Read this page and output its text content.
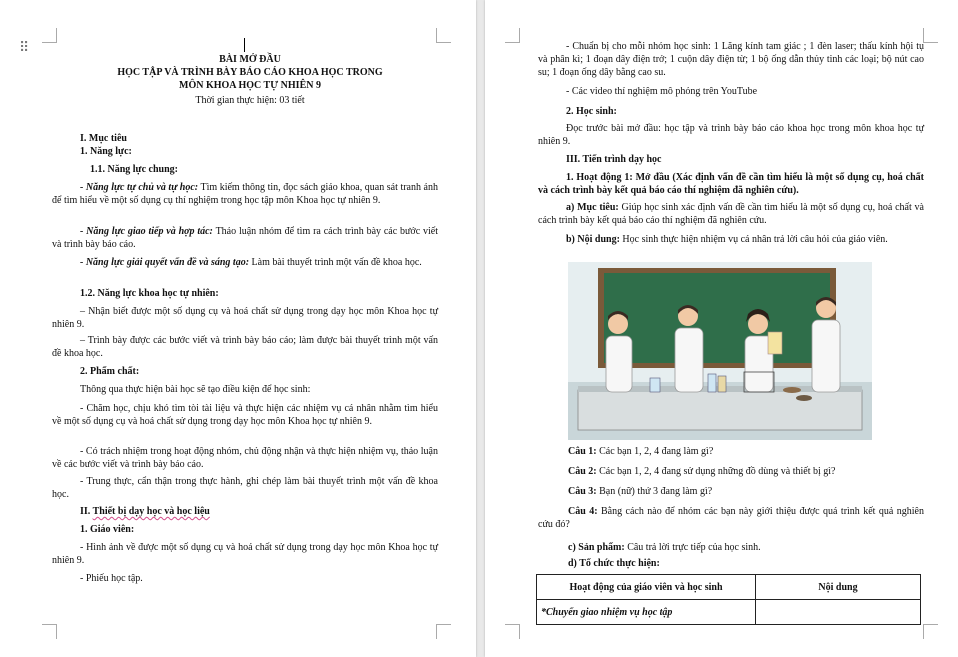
⠿

BÀI MỞ ĐẦU

HỌC TẬP VÀ TRÌNH BÀY BÁO CÁO KHOA HỌC TRONG

MÔN KHOA HỌC TỰ NHIÊN 9

Thời gian thực hiện: 03 tiết

I. Mục tiêu

1. Năng lực:

1.1. Năng lực chung:

- Năng lực tự chủ và tự học: Tìm kiếm thông tin, đọc sách giáo khoa, quan sát tranh ảnh để tìm hiểu về một số dụng cụ thí nghiệm trong học tập môn Khoa học tự nhiên 9.

- Năng lực giao tiếp và hợp tác: Thảo luận nhóm để tìm ra cách trình bày các bước viết và trình bày báo cáo.

- Năng lực giải quyết vấn đề và sáng tạo: Làm bài thuyết trình một vấn đề khoa học.

1.2. Năng lực khoa học tự nhiên:

– Nhận biết được một số dụng cụ và hoá chất sử dụng trong dạy học môn Khoa học tự nhiên 9.

– Trình bày được các bước viết và trình bày báo cáo; làm được bài thuyết trình một vấn đề khoa học.

2. Phẩm chất:

Thông qua thực hiện bài học sẽ tạo điều kiện để học sinh:

- Chăm học, chịu khó tìm tòi tài liệu và thực hiện các nhiệm vụ cá nhân nhằm tìm hiểu về một số dụng cụ và hoá chất sử dụng trong dạy học môn Khoa học tự nhiên 9.

- Có trách nhiệm trong hoạt động nhóm, chủ động nhận và thực hiện nhiệm vụ, thảo luận về các bước viết và trình bày báo cáo.

- Trung thực, cẩn thận trong thực hành, ghi chép làm bài thuyết trình một vấn đề khoa học.

II. Thiết bị dạy học và học liệu

1. Giáo viên:

- Hình ảnh về được một số dụng cụ và hoá chất sử dụng trong dạy học môn Khoa học tự nhiên 9.

- Phiếu học tập.

- Chuẩn bị cho mỗi nhóm học sinh: 1 Lăng kính tam giác ; 1 đèn laser; thấu kính hội tụ và phân kì; 1 đoạn dây điện trở; 1 cuộn dây điện từ; 1 bộ ống dẫn thủy tinh các loại; bộ nút cao su; 1 đoạn ống dây bằng cao su.

- Các video thí nghiệm mô phỏng trên YouTube

2. Học sinh:

Đọc trước bài mở đầu: học tập và trình bày báo cáo khoa học trong môn khoa học tự nhiên 9.

III. Tiến trình dạy học

1. Hoạt động 1: Mở đầu (Xác định vấn đề cần tìm hiểu là một số dụng cụ, hoá chất và cách trình bày kết quả báo cáo thí nghiệm đã nghiên cứu).

a) Mục tiêu: Giúp học sinh xác định vấn đề cần tìm hiểu là một số dụng cụ, hoá chất và cách trình bày kết quả báo cáo thí nghiệm đã nghiên cứu.

b) Nội dung: Học sinh thực hiện nhiệm vụ cá nhân trả lời câu hỏi của giáo viên.

Câu 1: Các bạn 1, 2, 4 đang làm gì?

Câu 2: Các bạn 1, 2, 4 đang sử dụng những đồ dùng và thiết bị gì?

Câu 3: Bạn (nữ) thứ 3 đang làm gì?

Câu 4: Bằng cách nào để nhóm các bạn này giới thiệu được quá trình kết quả nghiên cứu đó?

c) Sản phẩm: Câu trả lời trực tiếp của học sinh.

d) Tổ chức thực hiện:

Hoạt động của giáo viên và học sinh	Nội dung
*Chuyển giao nhiệm vụ học tập	
